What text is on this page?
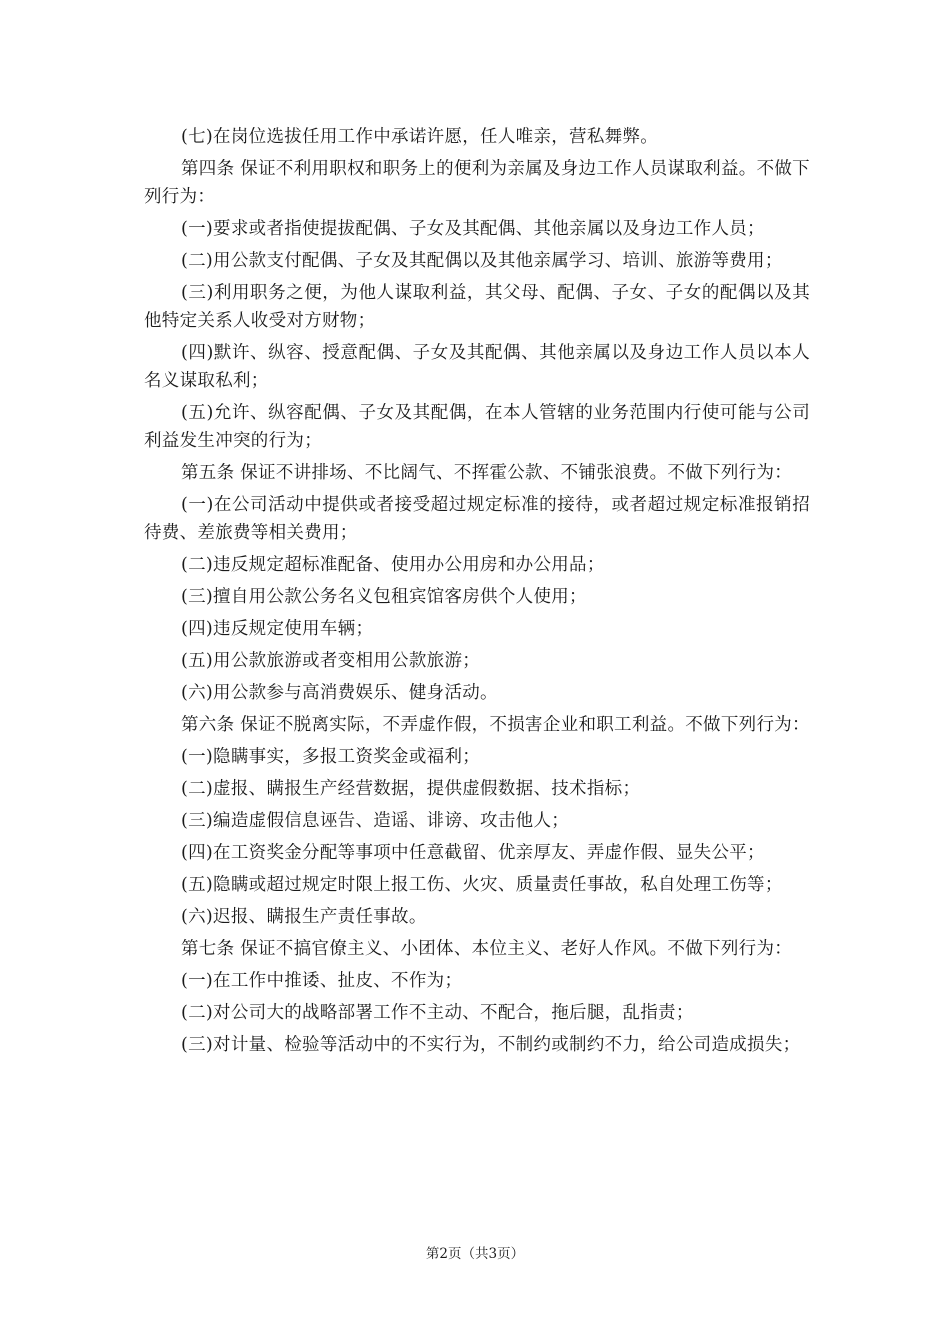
(七)在岗位选拔任用工作中承诺许愿，任人唯亲，营私舞弊。

第四条 保证不利用职权和职务上的便利为亲属及身边工作人员谋取利益。不做下列行为：

(一)要求或者指使提拔配偶、子女及其配偶、其他亲属以及身边工作人员；

(二)用公款支付配偶、子女及其配偶以及其他亲属学习、培训、旅游等费用；

(三)利用职务之便，为他人谋取利益，其父母、配偶、子女、子女的配偶以及其他特定关系人收受对方财物；

(四)默许、纵容、授意配偶、子女及其配偶、其他亲属以及身边工作人员以本人名义谋取私利；

(五)允许、纵容配偶、子女及其配偶，在本人管辖的业务范围内行使可能与公司利益发生冲突的行为；

第五条 保证不讲排场、不比阔气、不挥霍公款、不铺张浪费。不做下列行为：

(一)在公司活动中提供或者接受超过规定标准的接待，或者超过规定标准报销招待费、差旅费等相关费用；

(二)违反规定超标准配备、使用办公用房和办公用品；

(三)擅自用公款公务名义包租宾馆客房供个人使用；

(四)违反规定使用车辆；

(五)用公款旅游或者变相用公款旅游；

(六)用公款参与高消费娱乐、健身活动。

第六条 保证不脱离实际，不弄虚作假，不损害企业和职工利益。不做下列行为：

(一)隐瞒事实，多报工资奖金或福利；

(二)虚报、瞒报生产经营数据，提供虚假数据、技术指标；

(三)编造虚假信息诬告、造谣、诽谤、攻击他人；

(四)在工资奖金分配等事项中任意截留、优亲厚友、弄虚作假、显失公平；

(五)隐瞒或超过规定时限上报工伤、火灾、质量责任事故，私自处理工伤等；

(六)迟报、瞒报生产责任事故。

第七条 保证不搞官僚主义、小团体、本位主义、老好人作风。不做下列行为：

(一)在工作中推诿、扯皮、不作为；

(二)对公司大的战略部署工作不主动、不配合，拖后腿，乱指责；

(三)对计量、检验等活动中的不实行为，不制约或制约不力，给公司造成损失；

第2页（共3页）
